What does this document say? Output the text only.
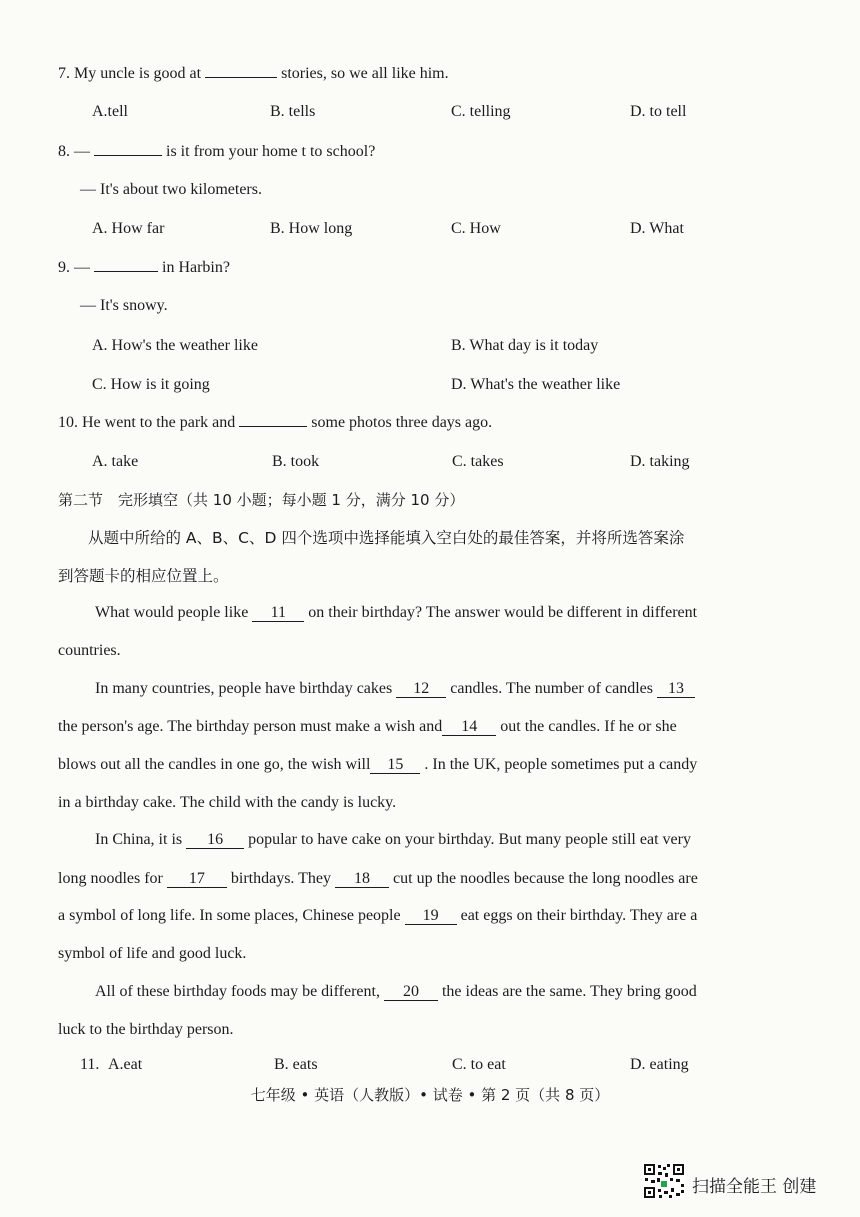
7. My uncle is good at	stories, so we all like him.
A.tell	B. tells	C. telling	D. to tell
8. —	is it from your home t to school?
— It's about two kilometers.
A. How far	B. How long	C. How	D. What
9. —	in Harbin?
— It's snowy.
A. How's the weather like	B. What day is it today
C. How is it going	D. What's the weather like
10. He went to the park and	some photos three days ago.
A. take	B. took	C. takes	D. taking
第二节　完形填空（共 10 小题；每小题 1 分，满分 10 分）
从题中所给的 A、B、C、D 四个选项中选择能填入空白处的最佳答案，并将所选答案涂
到答题卡的相应位置上。
What would people like 11 on their birthday? The answer would be different in different
countries.
In many countries, people have birthday cakes 12 candles. The number of candles 13
the person's age. The birthday person must make a wish and 14 out the candles. If he or she
blows out all the candles in one go, the wish will 15 . In the UK, people sometimes put a candy
in a birthday cake. The child with the candy is lucky.
In China, it is 16 popular to have cake on your birthday. But many people still eat very
long noodles for 17 birthdays. They 18 cut up the noodles because the long noodles are
a symbol of long life. In some places, Chinese people 19 eat eggs on their birthday. They are a
symbol of life and good luck.
All of these birthday foods may be different, 20 the ideas are the same. They bring good
luck to the birthday person.
11. A.eat	B. eats	C. to eat	D. eating
七年级 • 英语（人教版）• 试卷 • 第 2 页（共 8 页）
扫描全能王 创建
